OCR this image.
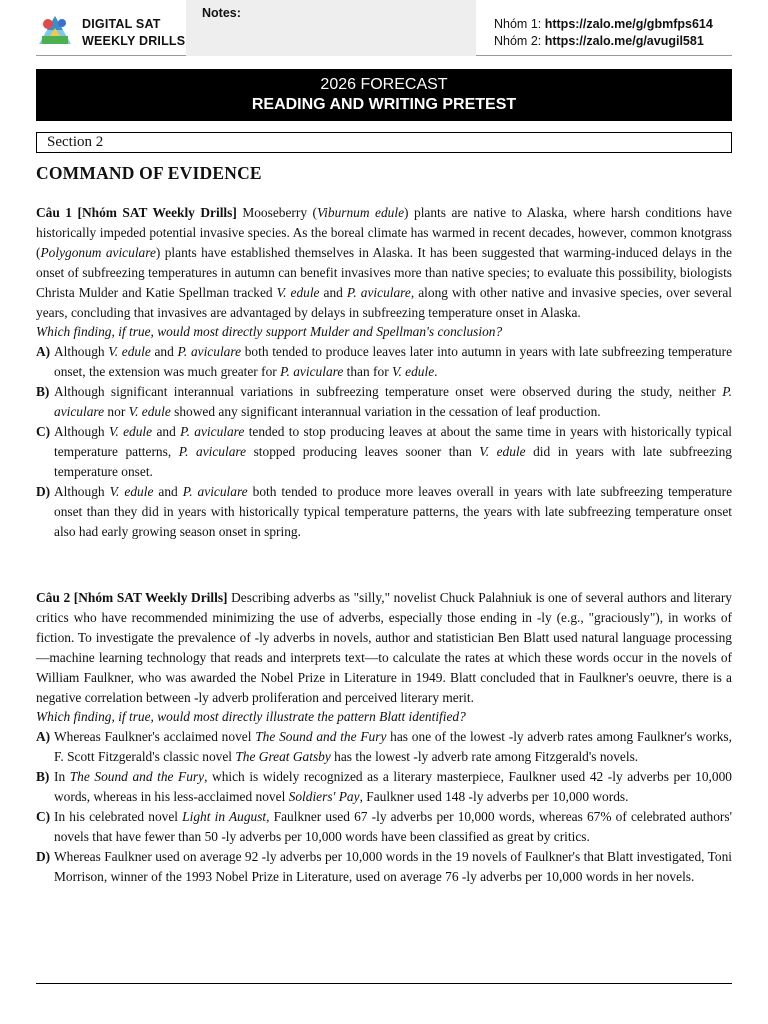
DIGITAL SAT
WEEKLY DRILLS
Notes:
Nhóm 1: https://zalo.me/g/gbmfps614
Nhóm 2: https://zalo.me/g/avugil581
2026 FORECAST
READING AND WRITING PRETEST
Section 2
COMMAND OF EVIDENCE

Câu 1 [Nhóm SAT Weekly Drills] Mooseberry (Viburnum edule) plants are native to Alaska, where harsh conditions have historically impeded potential invasive species. As the boreal climate has warmed in recent decades, however, common knotgrass (Polygonum aviculare) plants have established themselves in Alaska. It has been suggested that warming-induced delays in the onset of subfreezing temperatures in autumn can benefit invasives more than native species; to evaluate this possibility, biologists Christa Mulder and Katie Spellman tracked V. edule and P. aviculare, along with other native and invasive species, over several years, concluding that invasives are advantaged by delays in subfreezing temperature onset in Alaska.

Which finding, if true, would most directly support Mulder and Spellman's conclusion?

A) Although V. edule and P. aviculare both tended to produce leaves later into autumn in years with late subfreezing temperature onset, the extension was much greater for P. aviculare than for V. edule.
B) Although significant interannual variations in subfreezing temperature onset were observed during the study, neither P. aviculare nor V. edule showed any significant interannual variation in the cessation of leaf production.
C) Although V. edule and P. aviculare tended to stop producing leaves at about the same time in years with historically typical temperature patterns, P. aviculare stopped producing leaves sooner than V. edule did in years with late subfreezing temperature onset.
D) Although V. edule and P. aviculare both tended to produce more leaves overall in years with late subfreezing temperature onset than they did in years with historically typical temperature patterns, the years with late subfreezing temperature onset also had early growing season onset in spring.

Câu 2 [Nhóm SAT Weekly Drills] Describing adverbs as "silly," novelist Chuck Palahniuk is one of several authors and literary critics who have recommended minimizing the use of adverbs, especially those ending in -ly (e.g., "graciously"), in works of fiction. To investigate the prevalence of -ly adverbs in novels, author and statistician Ben Blatt used natural language processing—machine learning technology that reads and interprets text—to calculate the rates at which these words occur in the novels of William Faulkner, who was awarded the Nobel Prize in Literature in 1949. Blatt concluded that in Faulkner's oeuvre, there is a negative correlation between -ly adverb proliferation and perceived literary merit.

Which finding, if true, would most directly illustrate the pattern Blatt identified?

A) Whereas Faulkner's acclaimed novel The Sound and the Fury has one of the lowest -ly adverb rates among Faulkner's works, F. Scott Fitzgerald's classic novel The Great Gatsby has the lowest -ly adverb rate among Fitzgerald's novels.
B) In The Sound and the Fury, which is widely recognized as a literary masterpiece, Faulkner used 42 -ly adverbs per 10,000 words, whereas in his less-acclaimed novel Soldiers' Pay, Faulkner used 148 -ly adverbs per 10,000 words.
C) In his celebrated novel Light in August, Faulkner used 67 -ly adverbs per 10,000 words, whereas 67% of celebrated authors' novels that have fewer than 50 -ly adverbs per 10,000 words have been classified as great by critics.
D) Whereas Faulkner used on average 92 -ly adverbs per 10,000 words in the 19 novels of Faulkner's that Blatt investigated, Toni Morrison, winner of the 1993 Nobel Prize in Literature, used on average 76 -ly adverbs per 10,000 words in her novels.
